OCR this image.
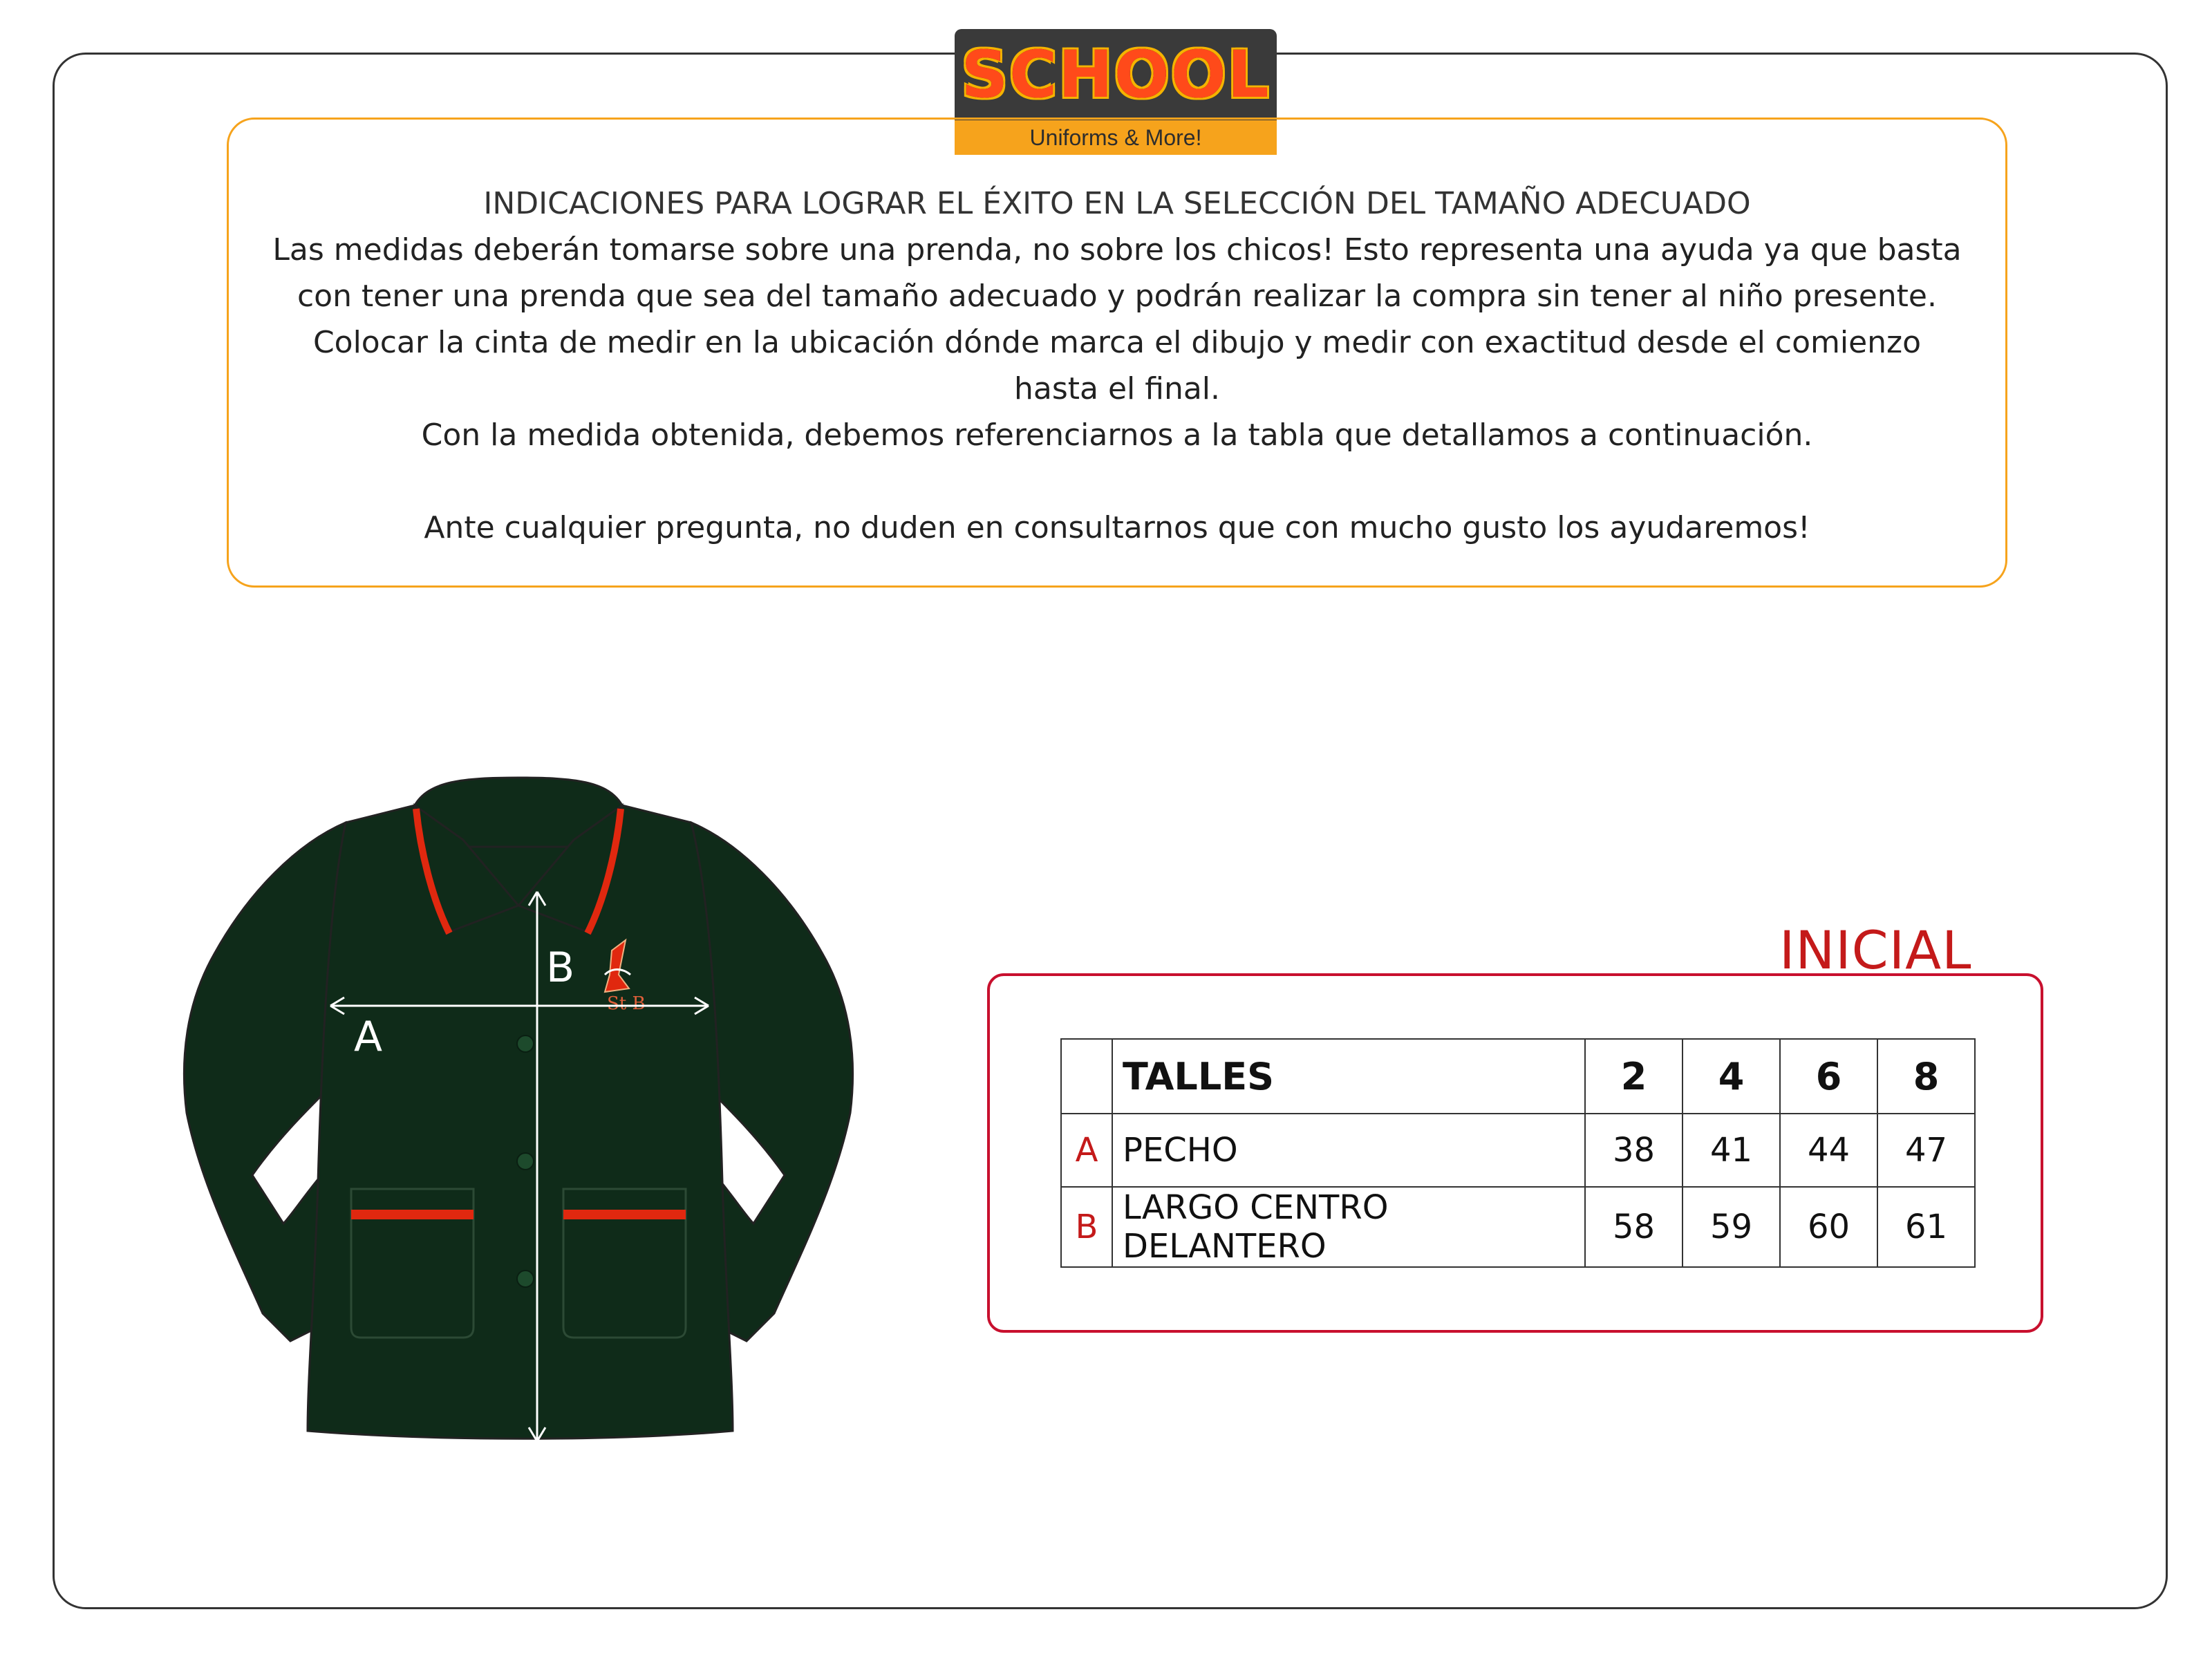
SCHOOL
Uniforms & More!
INDICACIONES PARA LOGRAR EL ÉXITO EN LA SELECCIÓN DEL TAMAÑO ADECUADO
Las medidas deberán tomarse sobre una prenda, no sobre los chicos! Esto representa una ayuda ya que basta
con tener una prenda que sea del tamaño adecuado y podrán realizar la compra sin tener al niño presente.
Colocar la cinta de medir en la ubicación dónde marca el dibujo y medir con exactitud desde el comienzo
hasta el final.
Con la medida obtenida, debemos referenciarnos a la tabla que detallamos a continuación.
Ante cualquier pregunta, no duden en consultarnos que con mucho gusto los ayudaremos!
St B
A
B	INICIAL
	TALLES	2	4	6	8
A	PECHO	38	41	44	47
B	LARGO CENTRO DELANTERO	58	59	60	61
